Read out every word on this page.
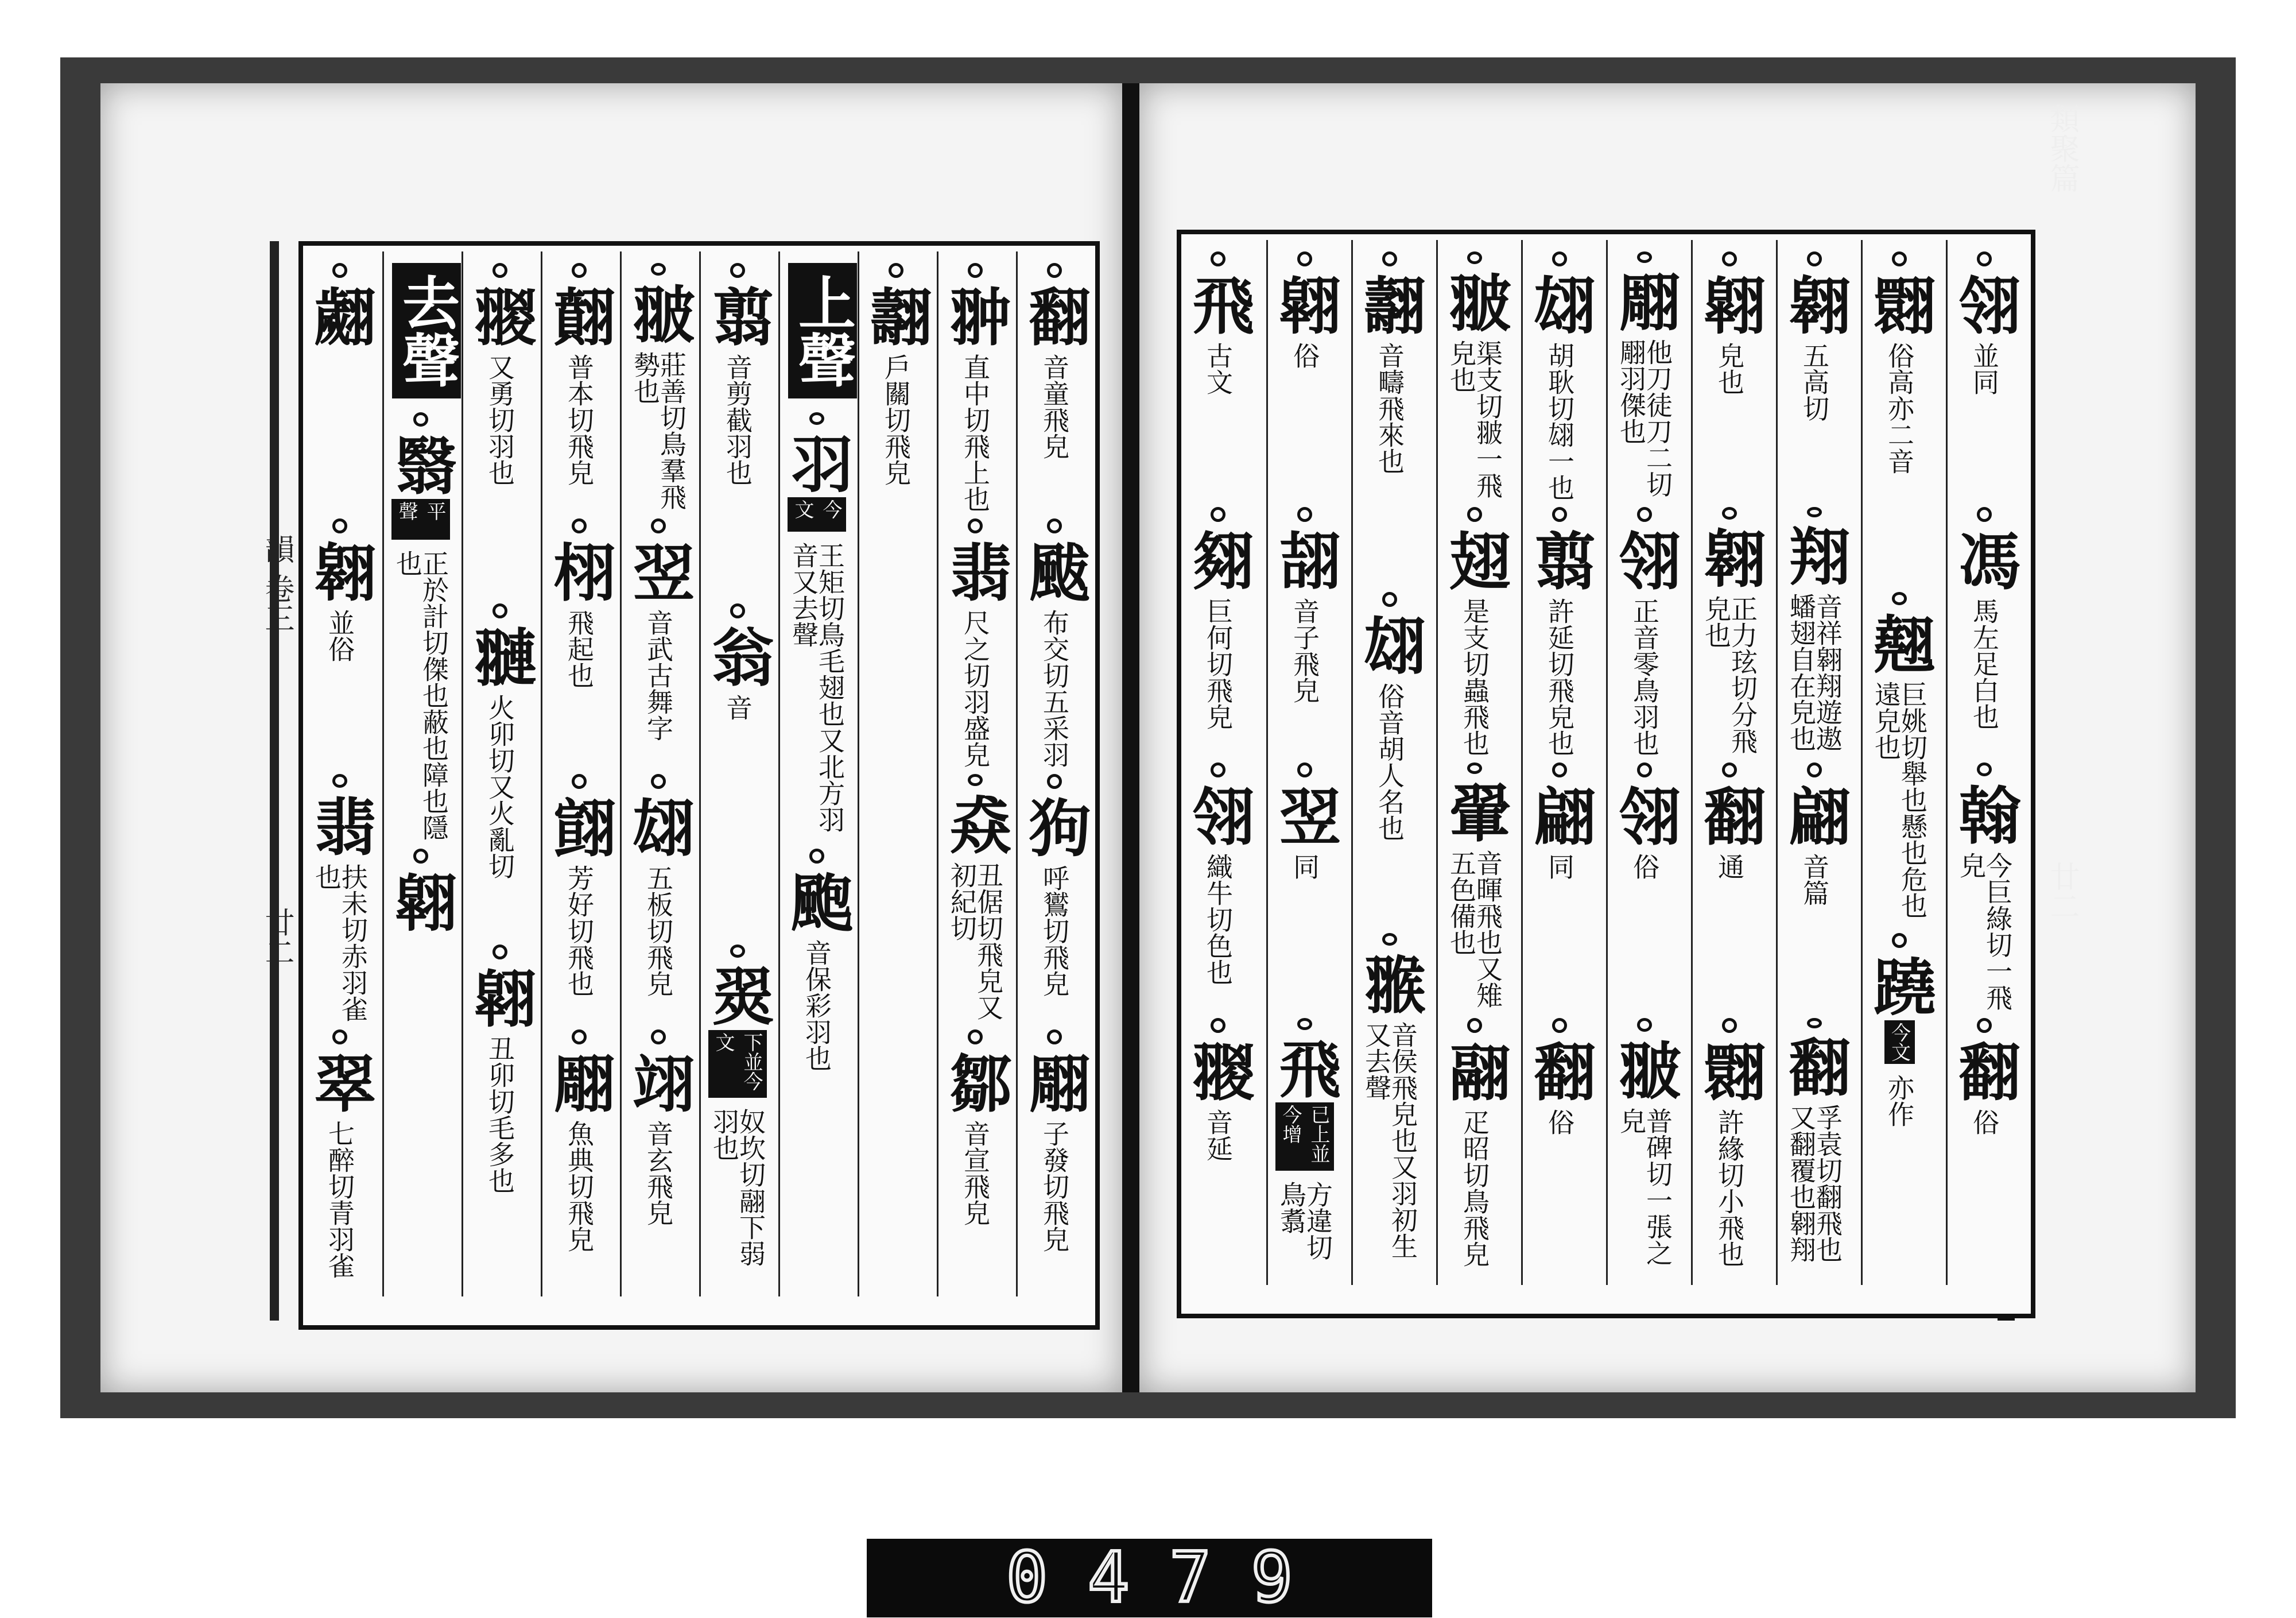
韻 卷三
廿二
類聚篇
廿二
翻
音童飛皃
颰
布交切五采羽
狗
呼鸑切飛皃
翢
子發切飛皃
翀
直中切飛上也
翡
尺之切羽盛皃
猋
丑倨切飛皃又初紀切
鄒
音宣飛皃
翿
戶關切飛皃
上聲
羽
今文
王矩切鳥毛翅也又北方羽音又去聲
颮
音保彩羽也
翦
音剪截羽也
翁
音
翜
下並今文
奴坎切翮下弱羽也
翍
莊善切鳥羣飛勢也
翌
音武古舞字
翃
五板切飛皃
翊
音玄飛皃
翸
普本切飛皃
栩
飛起也
翧
芳好切飛也
翢
魚典切飛皃
翪
又勇切羽也
翴
火卯切又火亂切
翶
丑卯切毛多也
去聲
翳
平聲
正於計切傑也蔽也障也隱也
翶
翽
翱
並俗
翡
扶未切赤羽雀也
翠
七醉切青羽雀
翎
並同
馮
馬左足白也
翰
今巨綠切一飛皃
翻
俗
翾
俗高亦二音
翹
巨姚切舉也懸也危也遠皃也
蹺
今文
亦作
翱
五高切
翔
音祥翱翔遊遨蟠翅自在皃也
翩
音篇
翻
孚袁切翻飛也又翻覆也翱翔
翶
皃也
翱
正力玹切分飛皃也
翻
通
翾
許緣切小飛也
翢
他刀徒刀二切翢羽傑也
翎
正音零鳥羽也
翎
俗
翍
普碑切一張之皃
翃
胡耿切翃一也
翦
許延切飛皃也
翩
同
翻
俗
翍
渠支切翍一飛皃也
翅
是支切蟲飛也
翬
音暉飛也又雉五色備也
翮
疋昭切鳥飛皃
翿
音疇飛來也
翃
俗音胡人名也
翭
音侯飛皃也又羽初生又去聲
翶
俗
翓
音子飛皃
翌
同
飛
已上並今增
方違切鳥翥
飛
古文
翗
巨何切飛皃
翎
織牛切色也
翪
音延
0479
